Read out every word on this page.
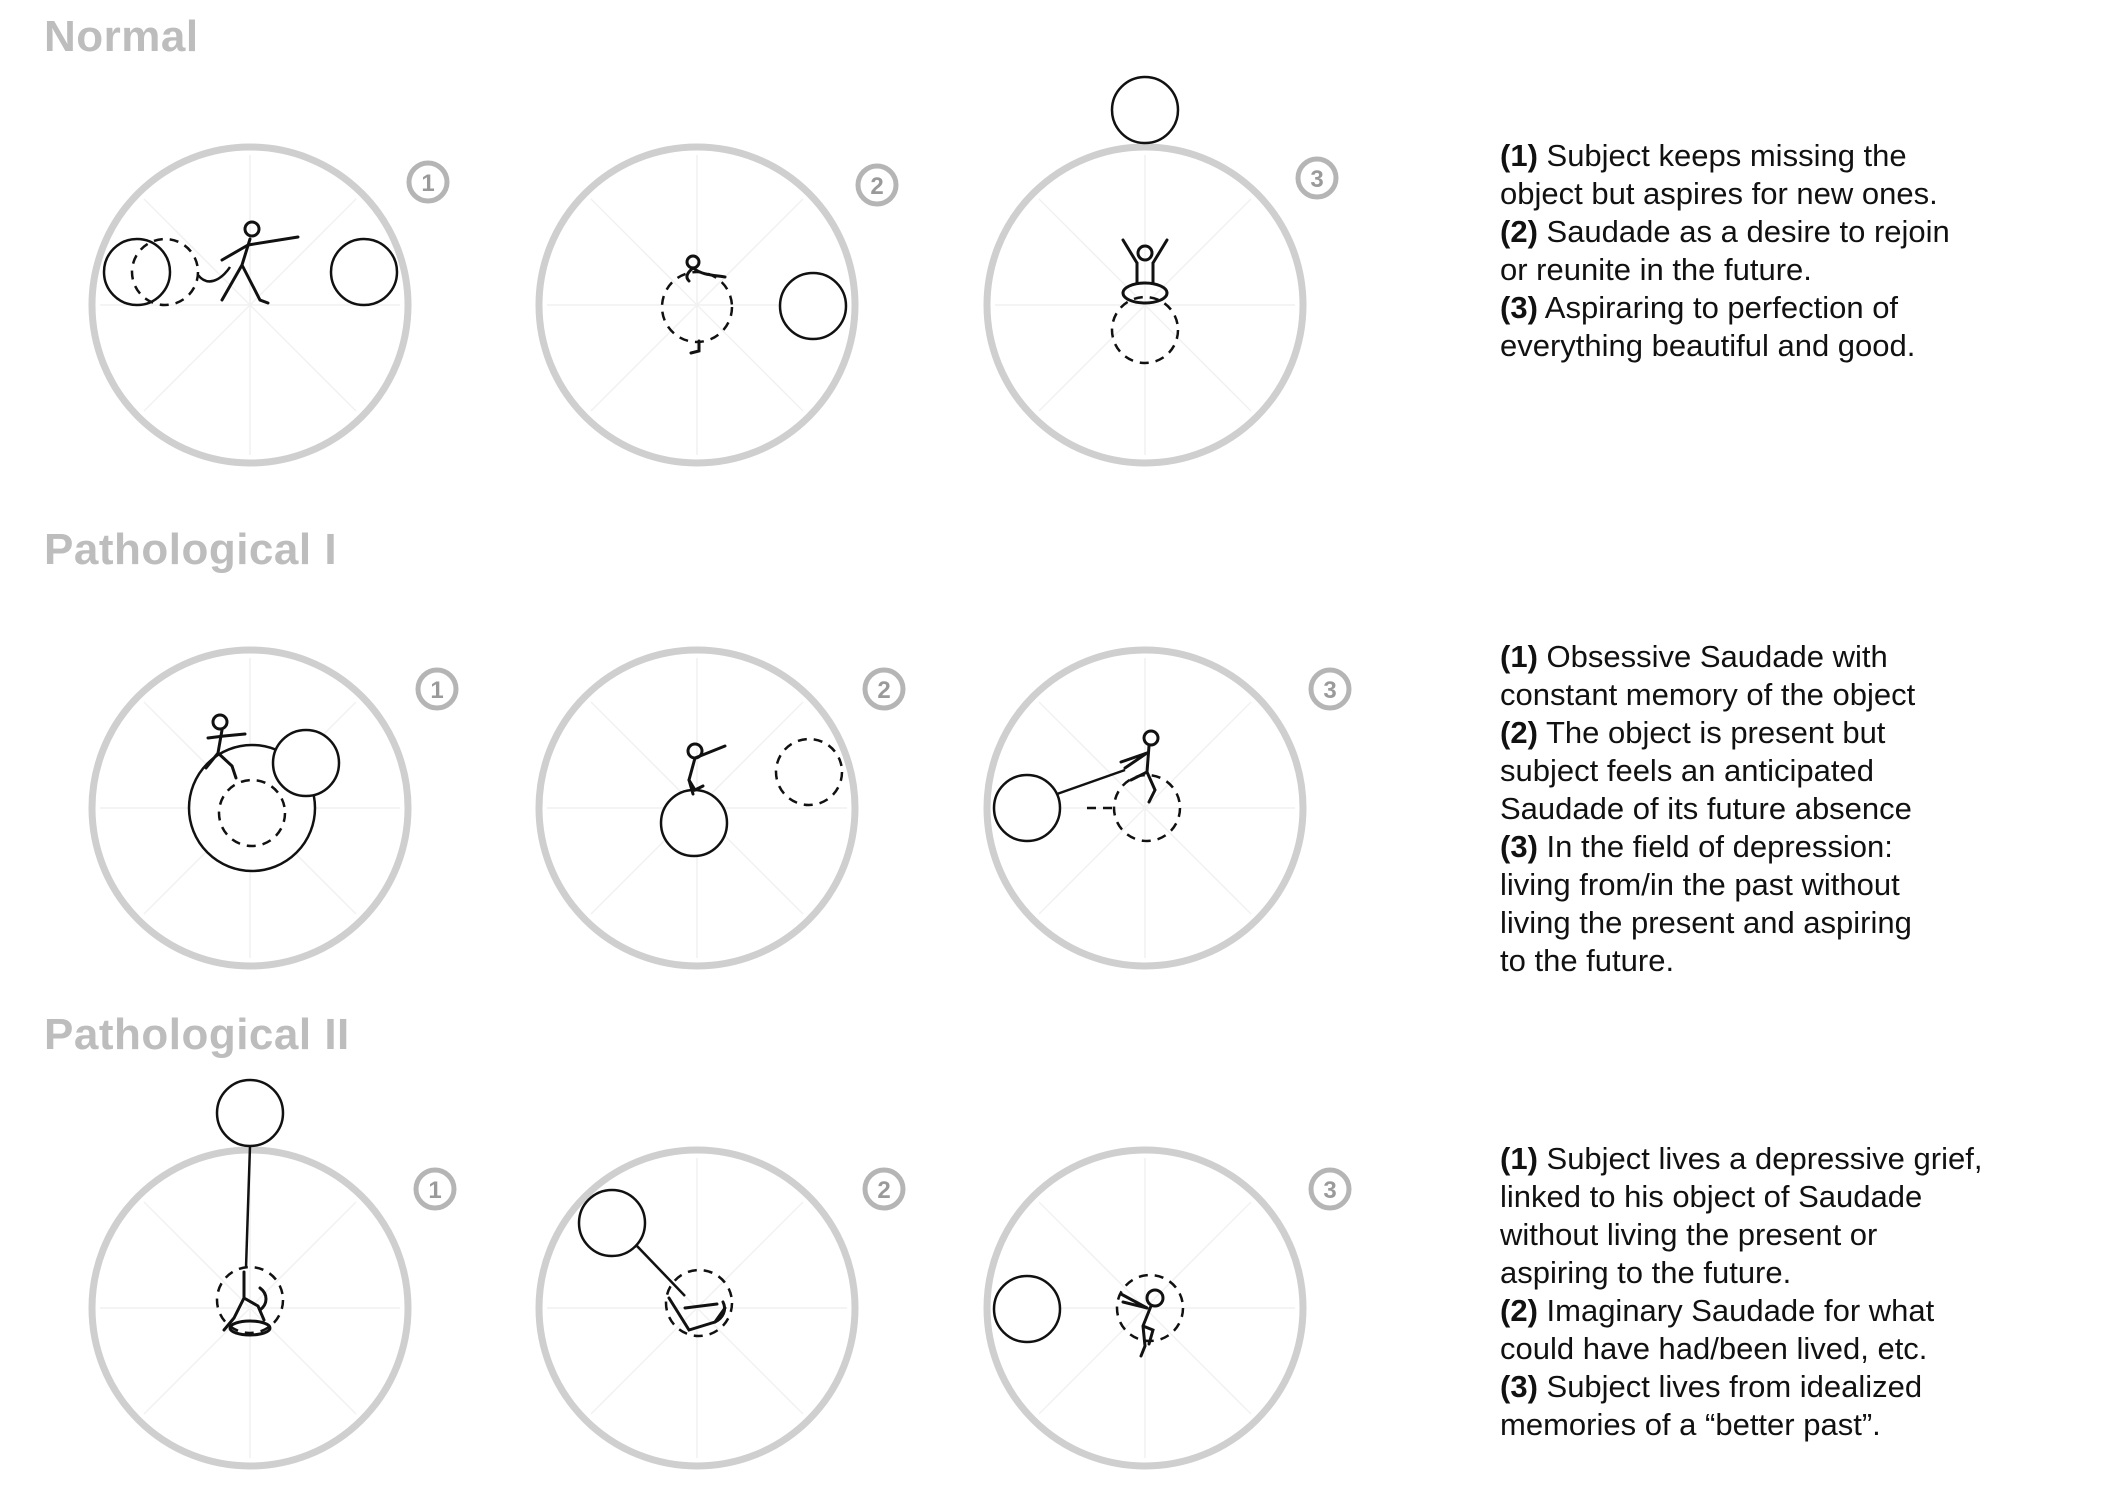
Normal
Pathological I
Pathological II
1	2	3
1	2	3
1	2	3
(1) Subject keeps missing the
object but aspires for new ones.
(2) Saudade as a desire to rejoin
or reunite in the future.
(3) Aspiraring to perfection of
everything beautiful and good.
(1) Obsessive Saudade with
constant memory of the object
(2) The object is present but
subject feels an anticipated
Saudade of its future absence
(3) In the field of depression:
living from/in the past without
living the present and aspiring
to the future.
(1) Subject lives a depressive grief,
linked to his object of Saudade
without living the present or
aspiring to the future.
(2) Imaginary Saudade for what
could have had/been lived, etc.
(3) Subject lives from idealized
memories of a “better past”.
